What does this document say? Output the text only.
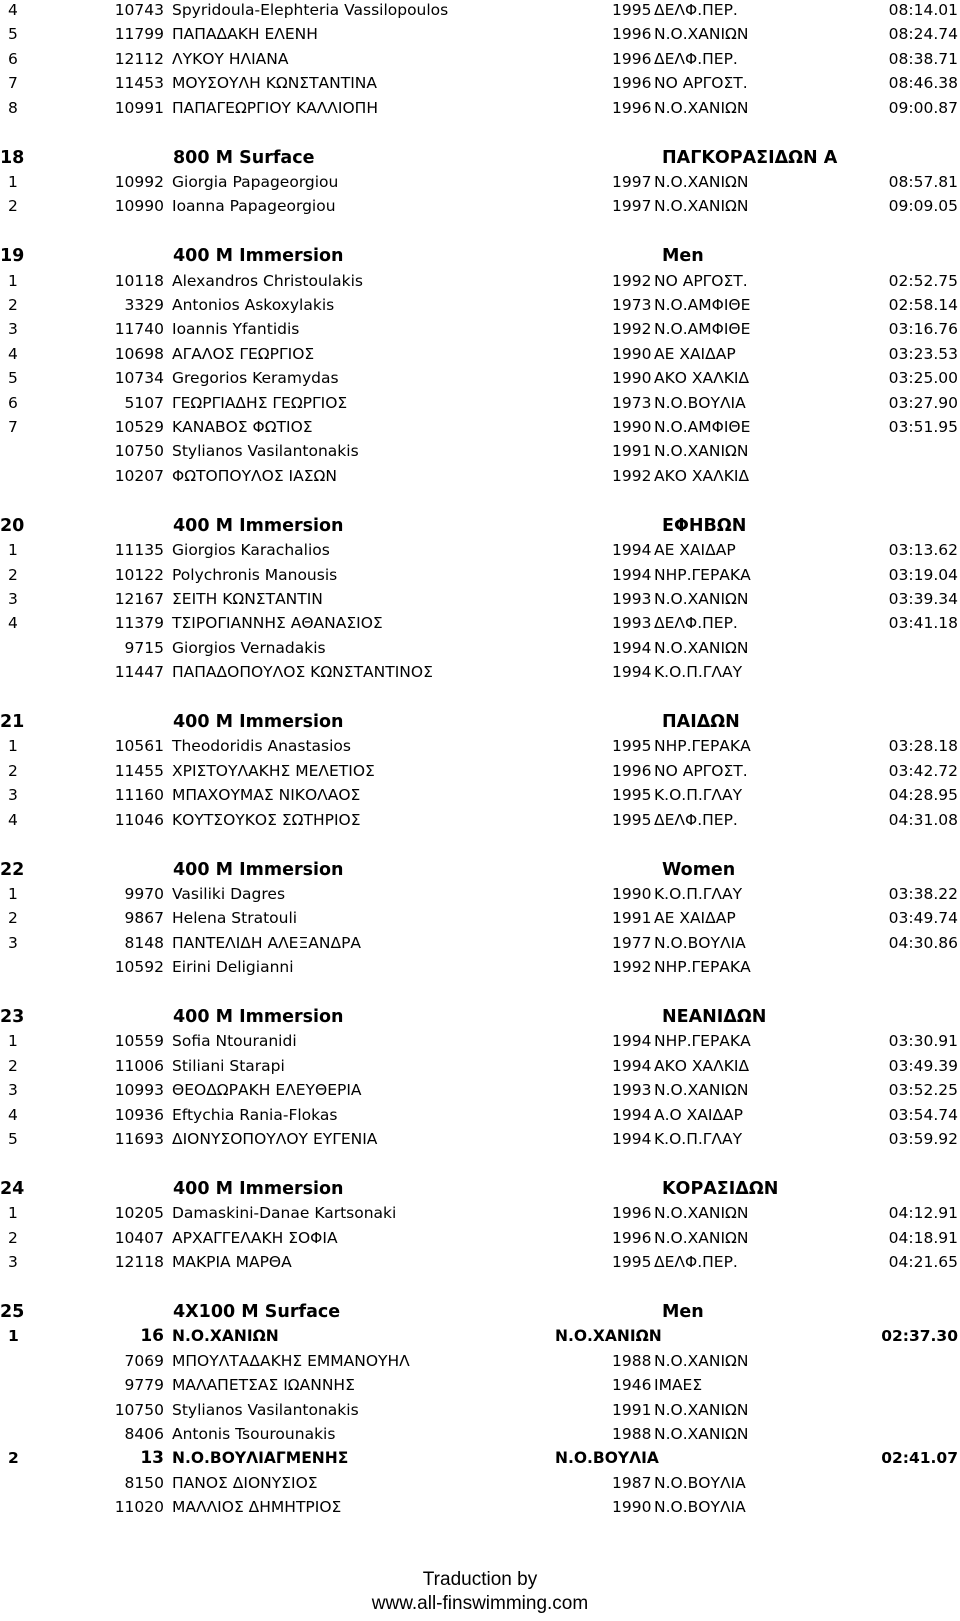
4	10743 Spyridoula-Elephteria Vassilopoulos	1995 ΔΕΛΦ.ΠΕΡ.	08:14.01
5	11799 ΠΑΠΑΔΑΚΗ ΕΛΕΝΗ	1996 Ν.Ο.ΧΑΝΙΩΝ	08:24.74
6	12112 ΛΥΚΟΥ ΗΛΙΑΝΑ	1996 ΔΕΛΦ.ΠΕΡ.	08:38.71
7	11453 ΜΟΥΣΟΥΛΗ ΚΩΝΣΤΑΝΤΙΝΑ	1996 ΝΟ ΑΡΓΟΣΤ.	08:46.38
8	10991 ΠΑΠΑΓΕΩΡΓΙΟΥ ΚΑΛΛΙΟΠΗ	1996 Ν.Ο.ΧΑΝΙΩΝ	09:00.87
18	800 M Surface	ΠΑΓΚΟΡΑΣΙΔΩΝ Α
1	10992 Giorgia Papageorgiou	1997 Ν.Ο.ΧΑΝΙΩΝ	08:57.81
2	10990 Ioanna Papageorgiou	1997 Ν.Ο.ΧΑΝΙΩΝ	09:09.05
19	400 M Immersion	Men
1	10118 Alexandros Christoulakis	1992 ΝΟ ΑΡΓΟΣΤ.	02:52.75
2	3329 Antonios Askoxylakis	1973 Ν.Ο.ΑΜΦΙΘΕ	02:58.14
3	11740 Ioannis Yfantidis	1992 Ν.Ο.ΑΜΦΙΘΕ	03:16.76
4	10698 ΑΓΑΛΟΣ ΓΕΩΡΓΙΟΣ	1990 ΑΕ ΧΑΙΔΑΡ	03:23.53
5	10734 Gregorios Keramydas	1990 ΑΚΟ ΧΑΛΚΙΔ	03:25.00
6	5107 ΓΕΩΡΓΙΑΔΗΣ ΓΕΩΡΓΙΟΣ	1973 Ν.Ο.ΒΟΥΛΙΑ	03:27.90
7	10529 ΚΑΝΑΒΟΣ ΦΩΤΙΟΣ	1990 Ν.Ο.ΑΜΦΙΘΕ	03:51.95
10750 Stylianos Vasilantonakis	1991 Ν.Ο.ΧΑΝΙΩΝ
10207 ΦΩΤΟΠΟΥΛΟΣ ΙΑΣΩΝ	1992 ΑΚΟ ΧΑΛΚΙΔ
20	400 M Immersion	ΕΦΗΒΩΝ
1	11135 Giorgios Karachalios	1994 ΑΕ ΧΑΙΔΑΡ	03:13.62
2	10122 Polychronis Manousis	1994 ΝΗΡ.ΓΕΡΑΚΑ	03:19.04
3	12167 ΣΕΙΤΗ ΚΩΝΣΤΑΝΤΙΝ	1993 Ν.Ο.ΧΑΝΙΩΝ	03:39.34
4	11379 ΤΣΙΡΟΓΙΑΝΝΗΣ ΑΘΑΝΑΣΙΟΣ	1993 ΔΕΛΦ.ΠΕΡ.	03:41.18
9715 Giorgios Vernadakis	1994 Ν.Ο.ΧΑΝΙΩΝ
11447 ΠΑΠΑΔΟΠΟΥΛΟΣ ΚΩΝΣΤΑΝΤΙΝΟΣ	1994 Κ.Ο.Π.ΓΛΑΥ
21	400 M Immersion	ΠΑΙΔΩΝ
1	10561 Theodoridis Anastasios	1995 ΝΗΡ.ΓΕΡΑΚΑ	03:28.18
2	11455 ΧΡΙΣΤΟΥΛΑΚΗΣ ΜΕΛΕΤΙΟΣ	1996 ΝΟ ΑΡΓΟΣΤ.	03:42.72
3	11160 ΜΠΑΧΟΥΜΑΣ ΝΙΚΟΛΑΟΣ	1995 Κ.Ο.Π.ΓΛΑΥ	04:28.95
4	11046 ΚΟΥΤΣΟΥΚΟΣ ΣΩΤΗΡΙΟΣ	1995 ΔΕΛΦ.ΠΕΡ.	04:31.08
22	400 M Immersion	Women
1	9970 Vasiliki Dagres	1990 Κ.Ο.Π.ΓΛΑΥ	03:38.22
2	9867 Helena Stratouli	1991 ΑΕ ΧΑΙΔΑΡ	03:49.74
3	8148 ΠΑΝΤΕΛΙΔΗ ΑΛΕΞΑΝΔΡΑ	1977 Ν.Ο.ΒΟΥΛΙΑ	04:30.86
10592 Eirini Deligianni	1992 ΝΗΡ.ΓΕΡΑΚΑ
23	400 M Immersion	ΝΕΑΝΙΔΩΝ
1	10559 Sofia Ntouranidi	1994 ΝΗΡ.ΓΕΡΑΚΑ	03:30.91
2	11006 Stiliani Starapi	1994 ΑΚΟ ΧΑΛΚΙΔ	03:49.39
3	10993 ΘΕΟΔΩΡΑΚΗ ΕΛΕΥΘΕΡΙΑ	1993 Ν.Ο.ΧΑΝΙΩΝ	03:52.25
4	10936 Eftychia Rania-Flokas	1994 Α.Ο ΧΑΙΔΑΡ	03:54.74
5	11693 ΔΙΟΝΥΣΟΠΟΥΛΟΥ ΕΥΓΕΝΙΑ	1994 Κ.Ο.Π.ΓΛΑΥ	03:59.92
24	400 M Immersion	ΚΟΡΑΣΙΔΩΝ
1	10205 Damaskini-Danae Kartsonaki	1996 Ν.Ο.ΧΑΝΙΩΝ	04:12.91
2	10407 ΑΡΧΑΓΓΕΛΑΚΗ ΣΟΦΙΑ	1996 Ν.Ο.ΧΑΝΙΩΝ	04:18.91
3	12118 ΜΑΚΡΙΑ ΜΑΡΘΑ	1995 ΔΕΛΦ.ΠΕΡ.	04:21.65
25	4X100 M Surface	Men
1	16 Ν.Ο.ΧΑΝΙΩΝ	Ν.Ο.ΧΑΝΙΩΝ	02:37.30
7069 ΜΠΟΥΛΤΑΔΑΚΗΣ ΕΜΜΑΝΟΥΗΛ	1988 Ν.Ο.ΧΑΝΙΩΝ
9779 ΜΑΛΑΠΕΤΣΑΣ ΙΩΑΝΝΗΣ	1946 ΙΜΑΕΣ
10750 Stylianos Vasilantonakis	1991 Ν.Ο.ΧΑΝΙΩΝ
8406 Antonis Tsourounakis	1988 Ν.Ο.ΧΑΝΙΩΝ
2	13 Ν.Ο.ΒΟΥΛΙΑΓΜΕΝΗΣ	Ν.Ο.ΒΟΥΛΙΑ	02:41.07
8150 ΠΑΝΟΣ ΔΙΟΝΥΣΙΟΣ	1987 Ν.Ο.ΒΟΥΛΙΑ
11020 ΜΑΛΛΙΟΣ ΔΗΜΗΤΡΙΟΣ	1990 Ν.Ο.ΒΟΥΛΙΑ
Traduction by
www.all-finswimming.com
